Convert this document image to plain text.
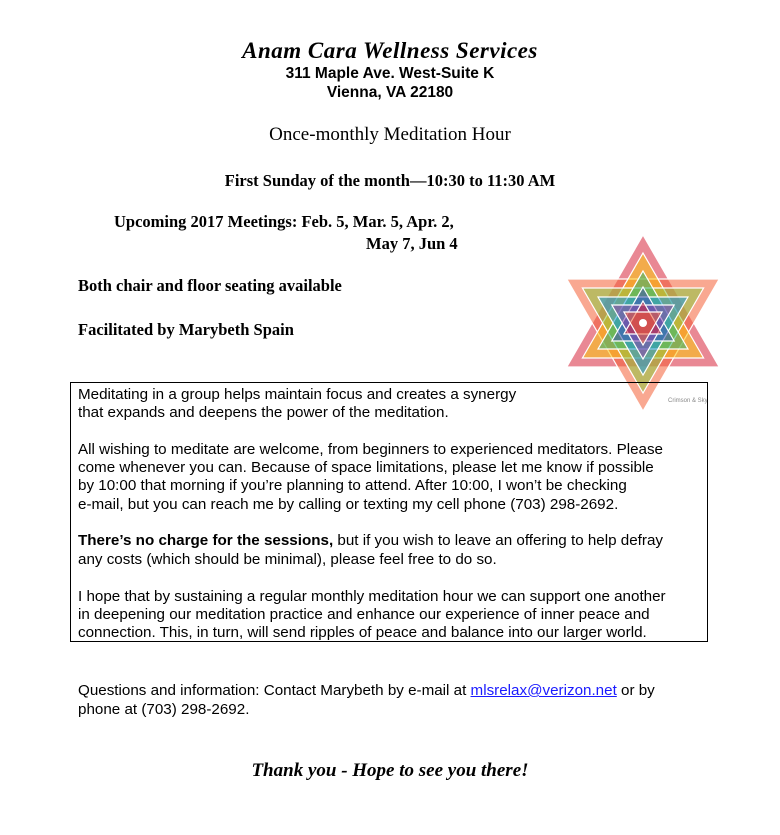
Anam Cara Wellness Services
311 Maple Ave. West-Suite K
Vienna, VA 22180
Once-monthly Meditation Hour
First Sunday of the month—10:30 to 11:30 AM
Upcoming 2017 Meetings: Feb. 5, Mar. 5, Apr. 2,
May 7, Jun 4
Both chair and floor seating available
Facilitated by Marybeth Spain
Crimson & Sky
Meditating in a group helps maintain focus and creates a synergy
that expands and deepens the power of the meditation.
All wishing to meditate are welcome, from beginners to experienced meditators. Please
come whenever you can. Because of space limitations, please let me know if possible
by 10:00 that morning if you’re planning to attend. After 10:00, I won’t be checking
e-mail, but you can reach me by calling or texting my cell phone (703) 298-2692.
There’s no charge for the sessions, but if you wish to leave an offering to help defray
any costs (which should be minimal), please feel free to do so.
I hope that by sustaining a regular monthly meditation hour we can support one another
in deepening our meditation practice and enhance our experience of inner peace and
connection. This, in turn, will send ripples of peace and balance into our larger world.
Questions and information: Contact Marybeth by e-mail at mlsrelax@verizon.net or by
phone at (703) 298-2692.
Thank you - Hope to see you there!
